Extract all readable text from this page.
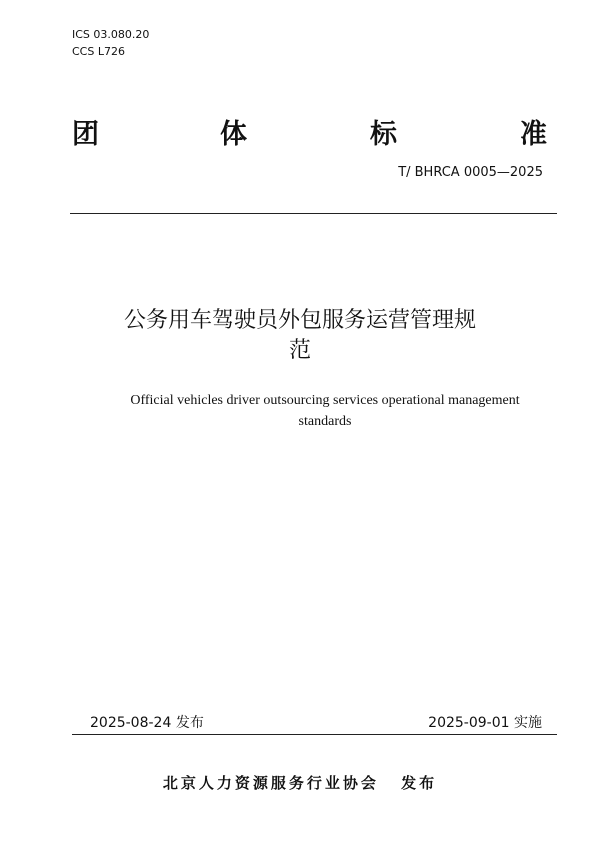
ICS 03.080.20
CCS L726
团	体	标	准
T/ BHRCA 0005—2025
公务用车驾驶员外包服务运营管理规
范
Official vehicles driver outsourcing services operational management
standards
2025-08-24 发布	2025-09-01 实施
北京人力资源服务行业协会 发布
